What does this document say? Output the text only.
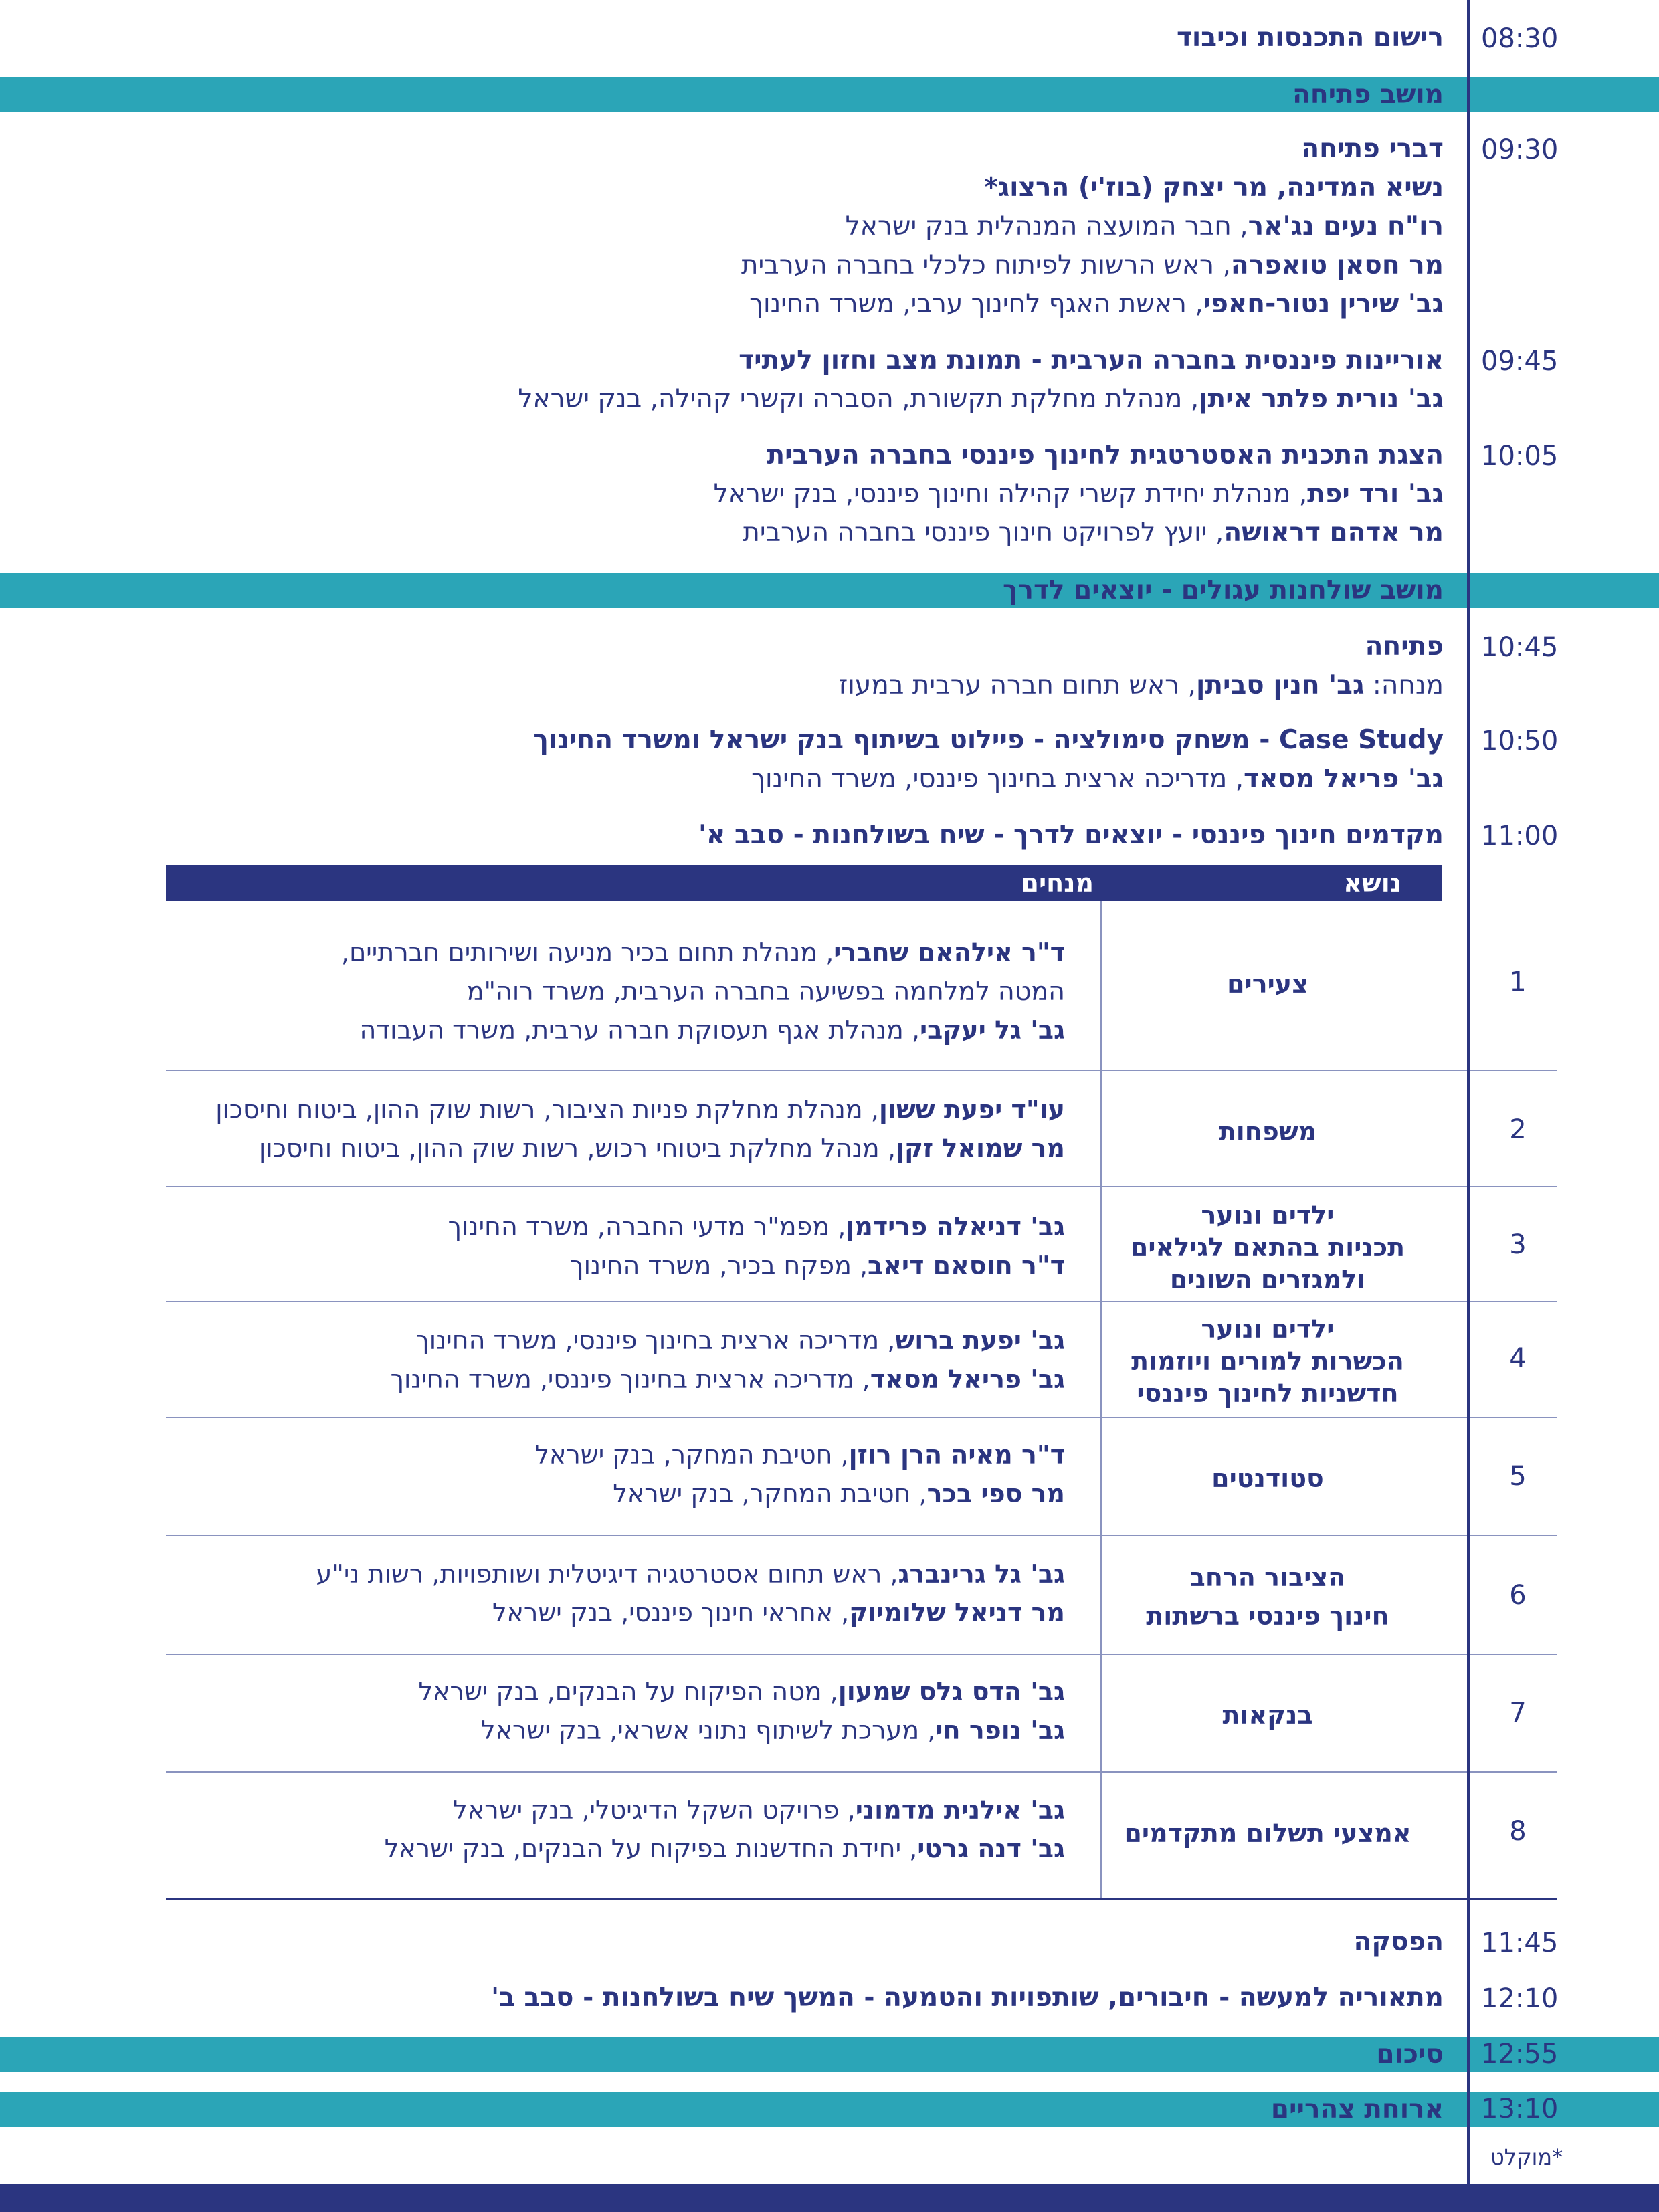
08:30
רישום התכנסות וכיבוד
מושב פתיחה
09:30
דברי פתיחה
נשיא המדינה, מר יצחק (בוז'י) הרצוג*
רו"ח נעים נג'אר, חבר המועצה המנהלית בנק ישראל
מר חסאן טואפרה, ראש הרשות לפיתוח כלכלי בחברה הערבית
גב' שירין נטור-חאפי, ראשת האגף לחינוך ערבי, משרד החינוך
09:45
אוריינות פיננסית בחברה הערבית - תמונת מצב וחזון לעתיד
גב' נורית פלתר איתן, מנהלת מחלקת תקשורת, הסברה וקשרי קהילה, בנק ישראל
10:05
הצגת התכנית האסטרטגית לחינוך פיננסי בחברה הערבית
גב' ורד יפת, מנהלת יחידת קשרי קהילה וחינוך פיננסי, בנק ישראל
מר אדהם דראושה, יועץ לפרויקט חינוך פיננסי בחברה הערבית
מושב שולחנות עגולים - יוצאים לדרך
10:45
פתיחה
מנחה: גב' חנין סביתן, ראש תחום חברה ערבית במעוז
10:50
Case Study - משחק סימולציה - פיילוט בשיתוף בנק ישראל ומשרד החינוך
גב' פריאל מסאד, מדריכה ארצית בחינוך פיננסי, משרד החינוך
11:00
מקדמים חינוך פיננסי - יוצאים לדרך - שיח בשולחנות - סבב א'
נושא
מנחים
1
צעירים
ד"ר אילהאם שחברי, מנהלת תחום בכיר מניעה ושירותים חברתיים,
המטה למלחמה בפשיעה בחברה הערבית, משרד רוה"מ
גב' גל יעקבי, מנהלת אגף תעסוקת חברה ערבית, משרד העבודה
2
משפחות
עו"ד יפעת ששון, מנהלת מחלקת פניות הציבור, רשות שוק ההון, ביטוח וחיסכון
מר שמואל זקן, מנהל מחלקת ביטוחי רכוש, רשות שוק ההון, ביטוח וחיסכון
3
ילדים ונוער
תכניות בהתאם לגילאים
ולמגזרים השונים
גב' דניאלה פרידמן, מפמ"ר מדעי החברה, משרד החינוך
ד"ר חוסאם דיאב, מפקח בכיר, משרד החינוך
4
ילדים ונוער
הכשרות למורים ויוזמות
חדשניות לחינוך פיננסי
גב' יפעת ברוש, מדריכה ארצית בחינוך פיננסי, משרד החינוך
גב' פריאל מסאד, מדריכה ארצית בחינוך פיננסי, משרד החינוך
5
סטודנטים
ד"ר מאיה הרן רוזן, חטיבת המחקר, בנק ישראל
מר ספי בכר, חטיבת המחקר, בנק ישראל
6
הציבור הרחב
חינוך פיננסי ברשתות
גב' גל גרינברג, ראש תחום אסטרטגיה דיגיטלית ושותפויות, רשות ני"ע
מר דניאל שלומיוק, אחראי חינוך פיננסי, בנק ישראל
7
בנקאות
גב' הדס גלס שמעון, מטה הפיקוח על הבנקים, בנק ישראל
גב' נופר חי, מערכת לשיתוף נתוני אשראי, בנק ישראל
8
אמצעי תשלום מתקדמים
גב' אילנית מדמוני, פרויקט השקל הדיגיטלי, בנק ישראל
גב' דנה גרטי, יחידת החדשנות בפיקוח על הבנקים, בנק ישראל
11:45
הפסקה
12:10
מתאוריה למעשה - חיבורים, שותפויות והטמעה - המשך שיח בשולחנות - סבב ב'
סיכום 12:55
ארוחת צהריים 13:10
*מוקלט
